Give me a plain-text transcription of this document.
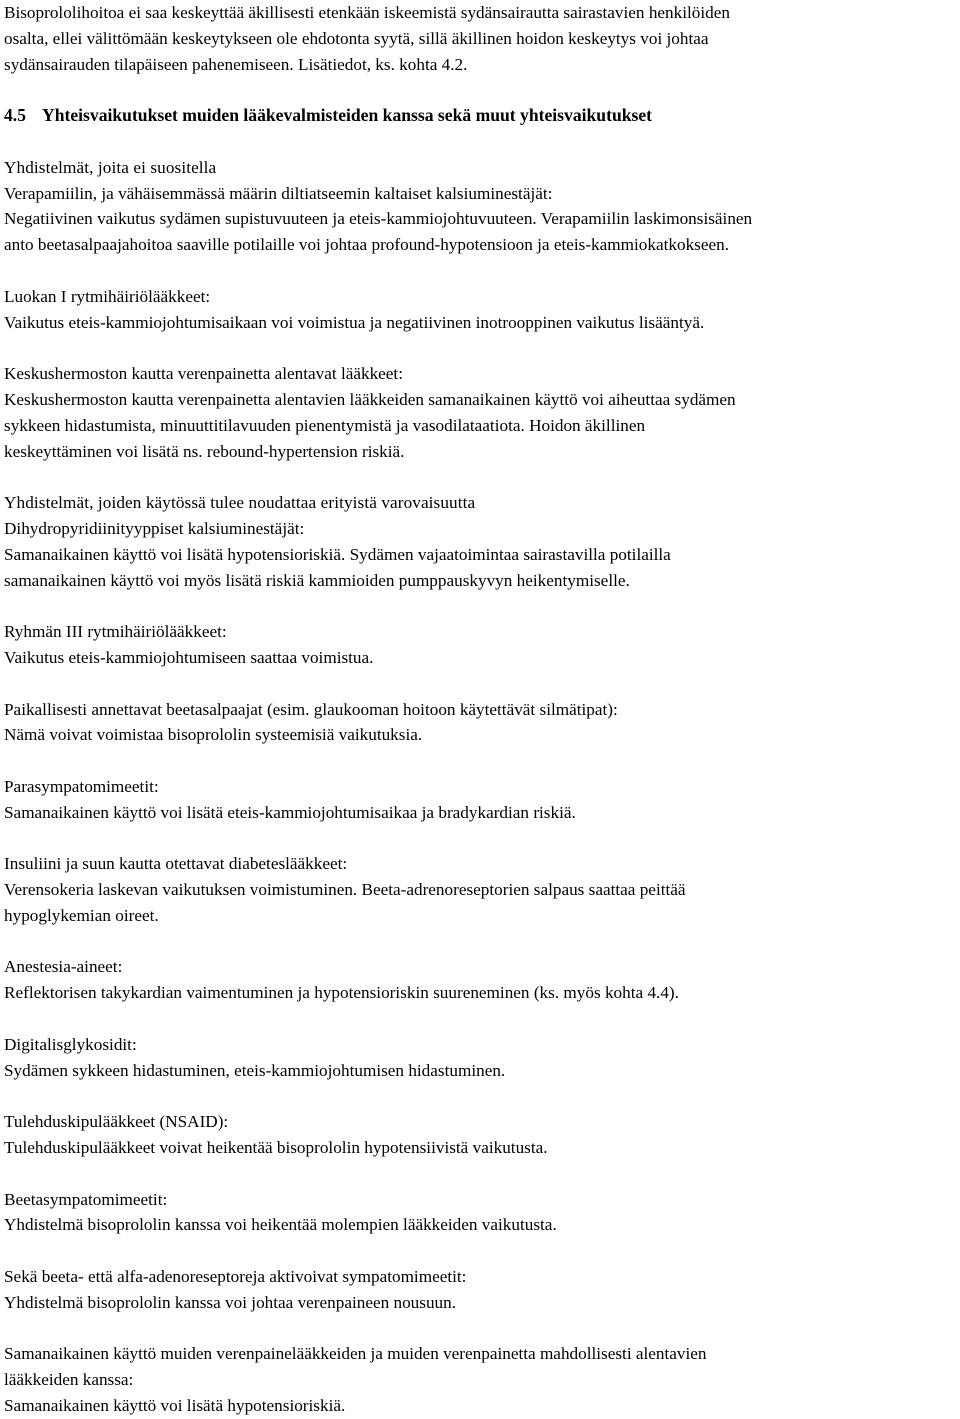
Bisoprololihoitoa ei saa keskeyttää äkillisesti etenkään iskeemistä sydänsairautta sairastavien henkilöiden
osalta, ellei välittömään keskeytykseen ole ehdotonta syytä, sillä äkillinen hoidon keskeytys voi johtaa
sydänsairauden tilapäiseen pahenemiseen. Lisätiedot, ks. kohta 4.2.
4.5 Yhteisvaikutukset muiden lääkevalmisteiden kanssa sekä muut yhteisvaikutukset
Yhdistelmät, joita ei suositella
Verapamiilin, ja vähäisemmässä määrin diltiatseemin kaltaiset kalsiuminestäjät:
Negatiivinen vaikutus sydämen supistuvuuteen ja eteis-kammiojohtuvuuteen. Verapamiilin laskimonsisäinen
anto beetasalpaajahoitoa saaville potilaille voi johtaa profound-hypotensioon ja eteis-kammiokatkokseen.
Luokan I rytmihäiriölääkkeet:
Vaikutus eteis-kammiojohtumisaikaan voi voimistua ja negatiivinen inotrooppinen vaikutus lisääntyä.
Keskushermoston kautta verenpainetta alentavat lääkkeet:
Keskushermoston kautta verenpainetta alentavien lääkkeiden samanaikainen käyttö voi aiheuttaa sydämen
sykkeen hidastumista, minuuttitilavuuden pienentymistä ja vasodilataatiota. Hoidon äkillinen
keskeyttäminen voi lisätä ns. rebound-hypertension riskiä.
Yhdistelmät, joiden käytössä tulee noudattaa erityistä varovaisuutta
Dihydropyridiinityyppiset kalsiuminestäjät:
Samanaikainen käyttö voi lisätä hypotensioriskiä. Sydämen vajaatoimintaa sairastavilla potilailla
samanaikainen käyttö voi myös lisätä riskiä kammioiden pumppauskyvyn heikentymiselle.
Ryhmän III rytmihäiriölääkkeet:
Vaikutus eteis-kammiojohtumiseen saattaa voimistua.
Paikallisesti annettavat beetasalpaajat (esim. glaukooman hoitoon käytettävät silmätipat):
Nämä voivat voimistaa bisoprololin systeemisiä vaikutuksia.
Parasympatomimeetit:
Samanaikainen käyttö voi lisätä eteis-kammiojohtumisaikaa ja bradykardian riskiä.
Insuliini ja suun kautta otettavat diabeteslääkkeet:
Verensokeria laskevan vaikutuksen voimistuminen. Beeta-adrenoreseptorien salpaus saattaa peittää
hypoglykemian oireet.
Anestesia-aineet:
Reflektorisen takykardian vaimentuminen ja hypotensioriskin suureneminen (ks. myös kohta 4.4).
Digitalisglykosidit:
Sydämen sykkeen hidastuminen, eteis-kammiojohtumisen hidastuminen.
Tulehduskipulääkkeet (NSAID):
Tulehduskipulääkkeet voivat heikentää bisoprololin hypotensiivistä vaikutusta.
Beetasympatomimeetit:
Yhdistelmä bisoprololin kanssa voi heikentää molempien lääkkeiden vaikutusta.
Sekä beeta- että alfa-adenoreseptoreja aktivoivat sympatomimeetit:
Yhdistelmä bisoprololin kanssa voi johtaa verenpaineen nousuun.
Samanaikainen käyttö muiden verenpainelääkkeiden ja muiden verenpainetta mahdollisesti alentavien
lääkkeiden kanssa:
Samanaikainen käyttö voi lisätä hypotensioriskiä.
